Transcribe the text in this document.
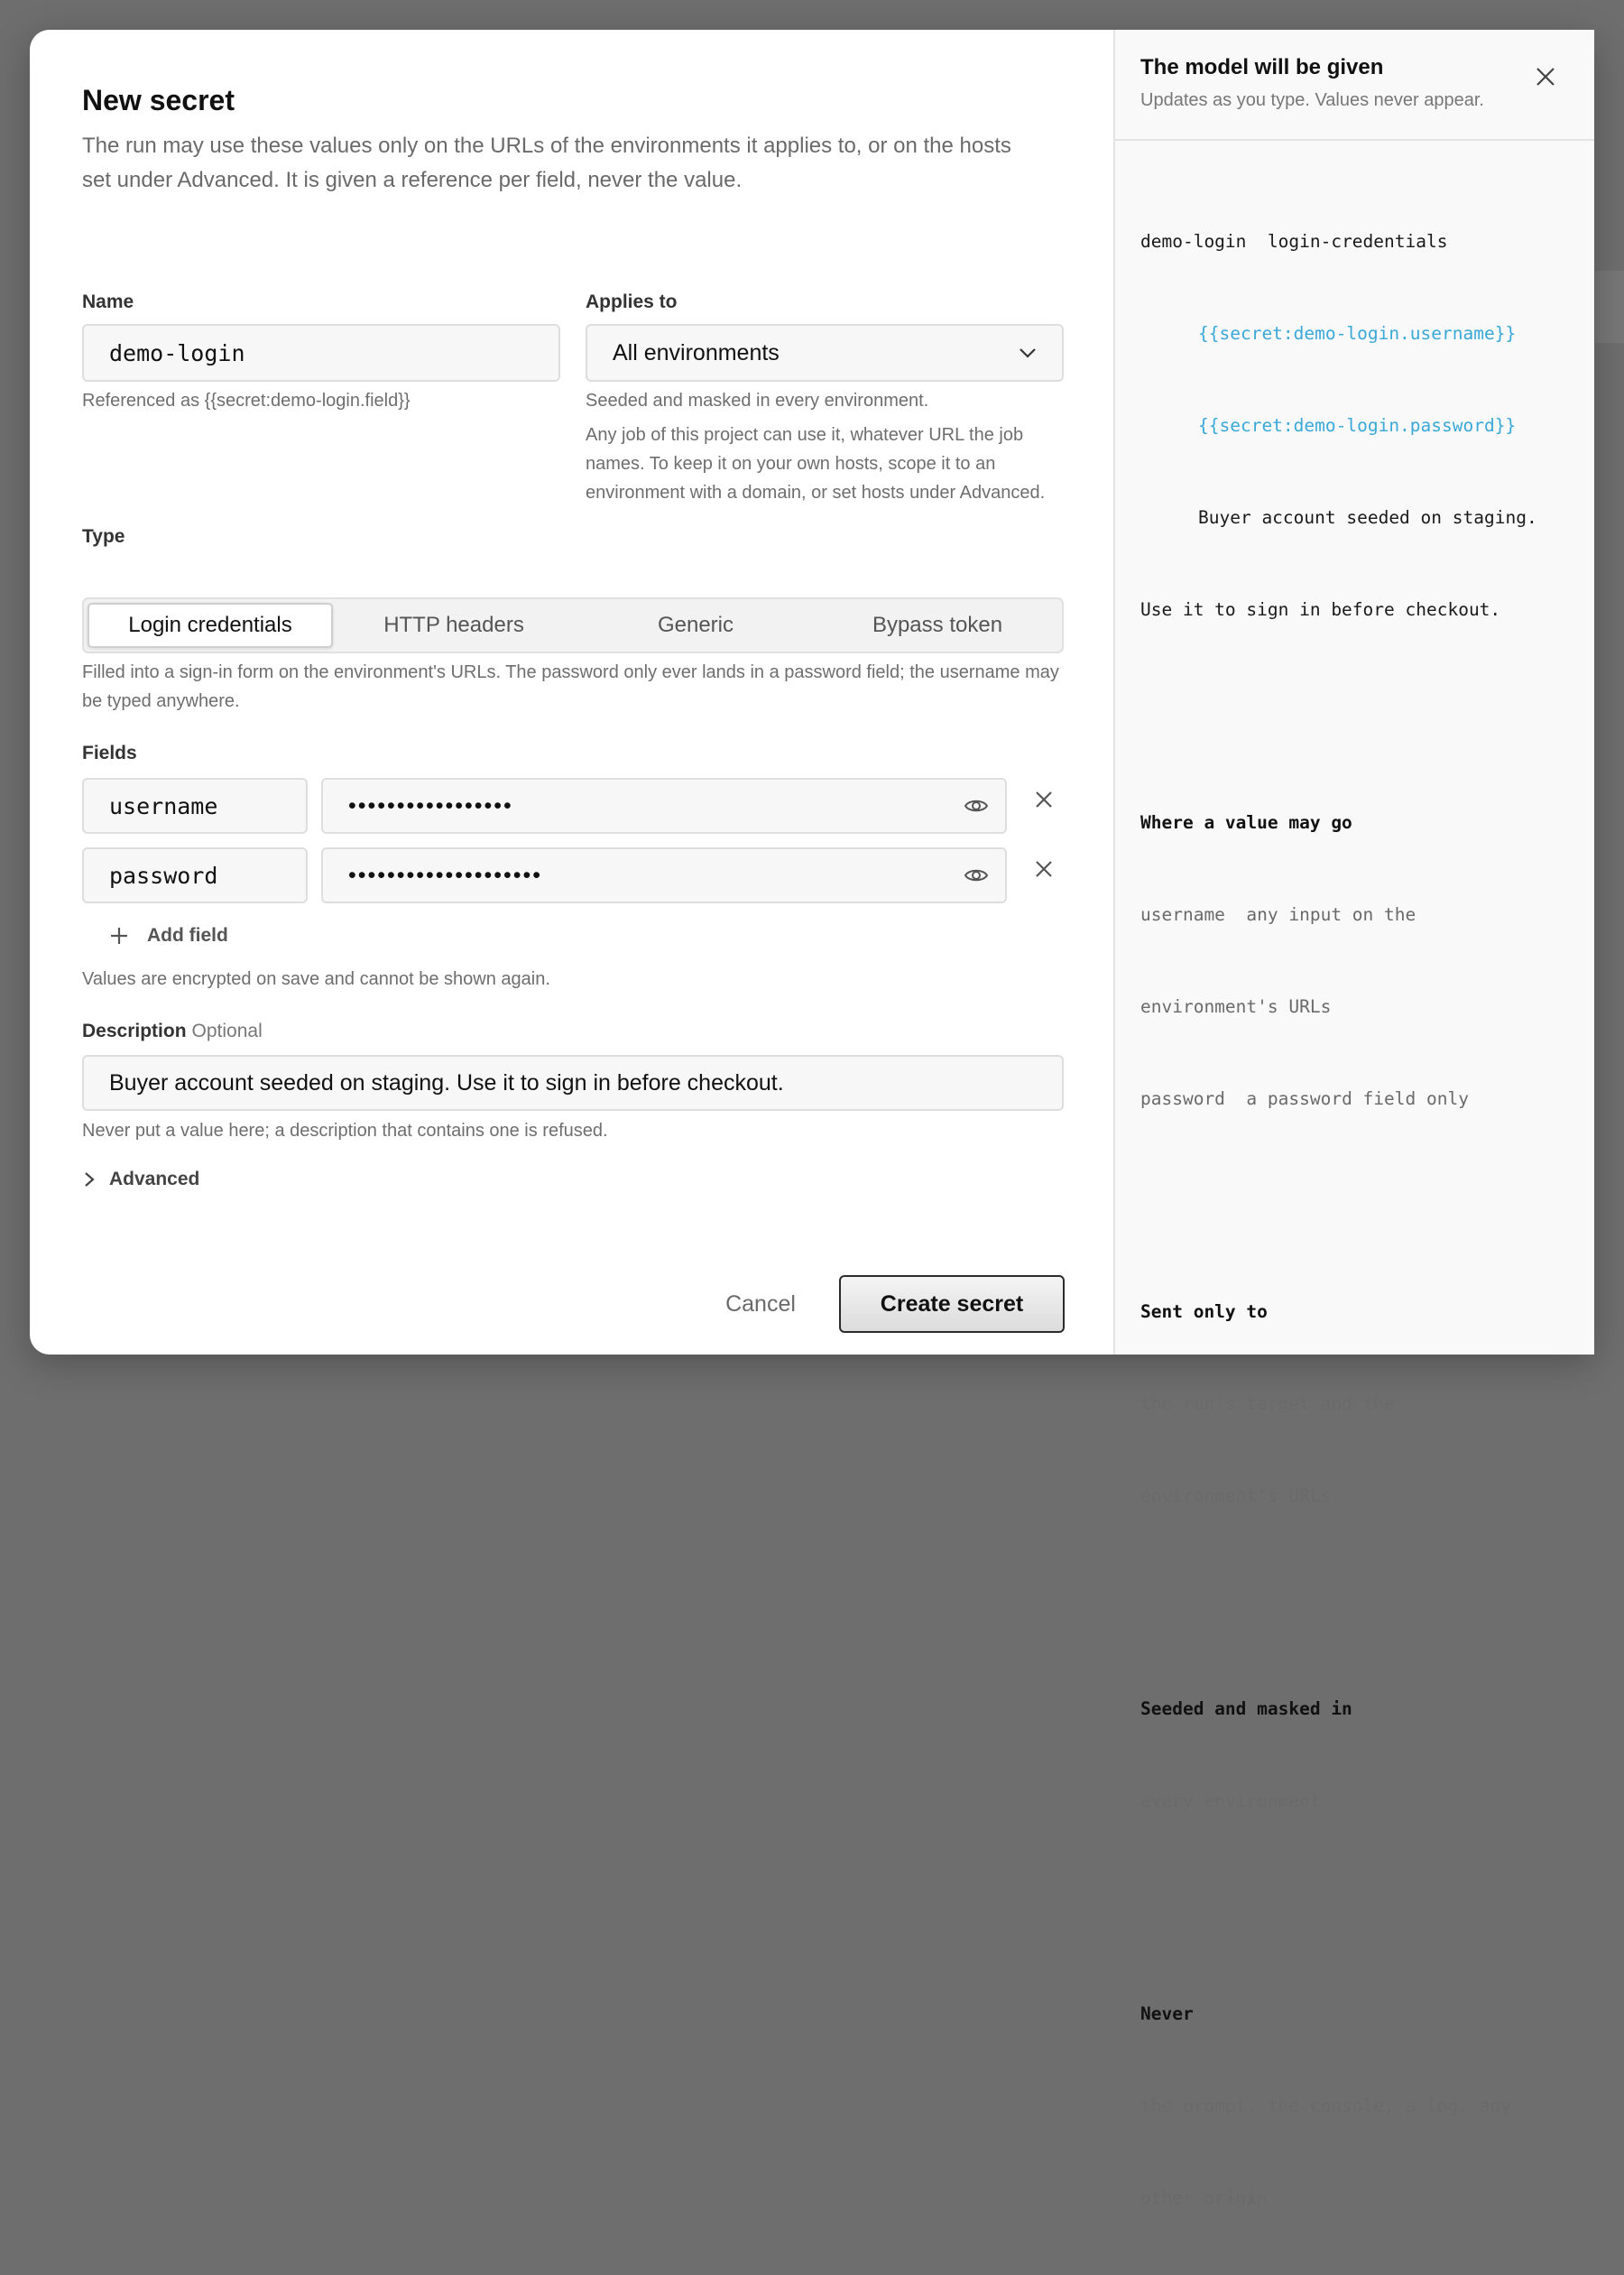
New secret
The run may use these values only on the URLs of the environments it applies to, or on the hosts set under Advanced. It is given a reference per field, never the value.
Name
demo-login
Referenced as {{secret:demo-login.field}}
Applies to
All environments
Seeded and masked in every environment.
Any job of this project can use it, whatever URL the job names. To keep it on your own hosts, scope it to an environment with a domain, or set hosts under Advanced.
Type
Login credentials	HTTP headers	Generic	Bypass token
Filled into a sign-in form on the environment's URLs. The password only ever lands in a password field; the username may be typed anywhere.
Fields
username	•••••••••••••••••
password	••••••••••••••••••••
Add field
Values are encrypted on save and cannot be shown again.
Description Optional
Buyer account seeded on staging. Use it to sign in before checkout.
Never put a value here; a description that contains one is refused.
Advanced
Cancel	Create secret
The model will be given
Updates as you type. Values never appear.

demo-login login-credentials

{{secret:demo-login.username}}

{{secret:demo-login.password}}

Buyer account seeded on staging.

Use it to sign in before checkout.

Where a value may go

username any input on the

environment's URLs

password a password field only

Sent only to

the run's target and the

environment's URLs

Seeded and masked in

every environment

Never

the prompt, the console, a log, any

other origin
